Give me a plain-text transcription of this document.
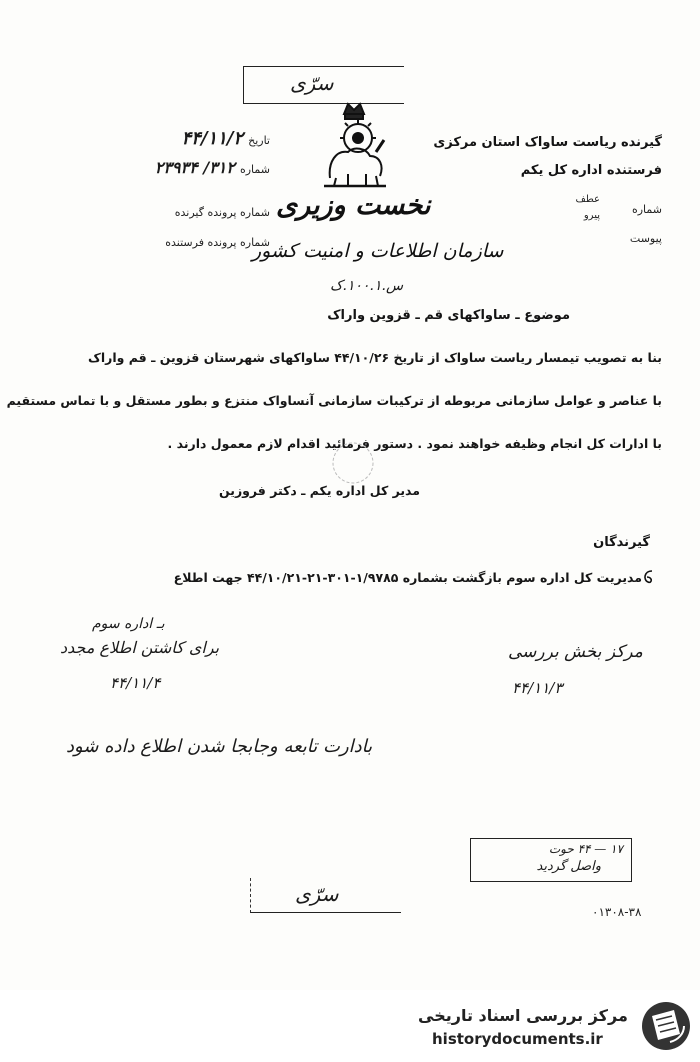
سرّی
نخست وزیری
سازمان اطلاعات و امنیت کشور
س.۱۰۰.۱.ک
گیرنده ریاست ساواک استان مرکزی
فرستنده اداره کل یکم
شماره
عطف
پیرو
پیوست
تاریخ ۴۴/۱۱/۲
شماره ۳۱۲/ ۲۳۹۳۴
شماره پرونده گیرنده
شماره پرونده فرستنده
موضوع ـ ساواکهای قم ـ قزوین واراک
بنا به تصویب تیمسار ریاست ساواک از تاریخ ۴۴/۱۰/۲۶ ساواکهای شهرستان قزوین ـ قم واراک
با عناصر و عوامل سازمانی مربوطه از ترکیبات سازمانی آنساواک منتزع و بطور مستقل و با تماس مستقیم
با ادارات کل انجام وظیفه خواهند نمود . دستور فرمائید اقدام لازم معمول دارند .
مدیر کل اداره یکم ـ دکتر فروزین
گیرندگان
مدیریت کل اداره سوم بازگشت بشماره ۱/۹۷۸۵-۳۰۱-۲۱-۴۴/۱۰/۲۱ جهت اطلاع
بـ اداره سوم
برای کاشتن اطلاع مجدد
۴۴/۱۱/۴
مرکز بخش بررسی
۴۴/۱۱/۳
بادارت تابعه وجابجا شدن اطلاع داده شود
۱۷ — ۴۴ حوت
واصل گردید
سرّی
۰۱۳۰۸-۳۸
مرکز بررسی اسناد تاریخی
historydocuments.ir
